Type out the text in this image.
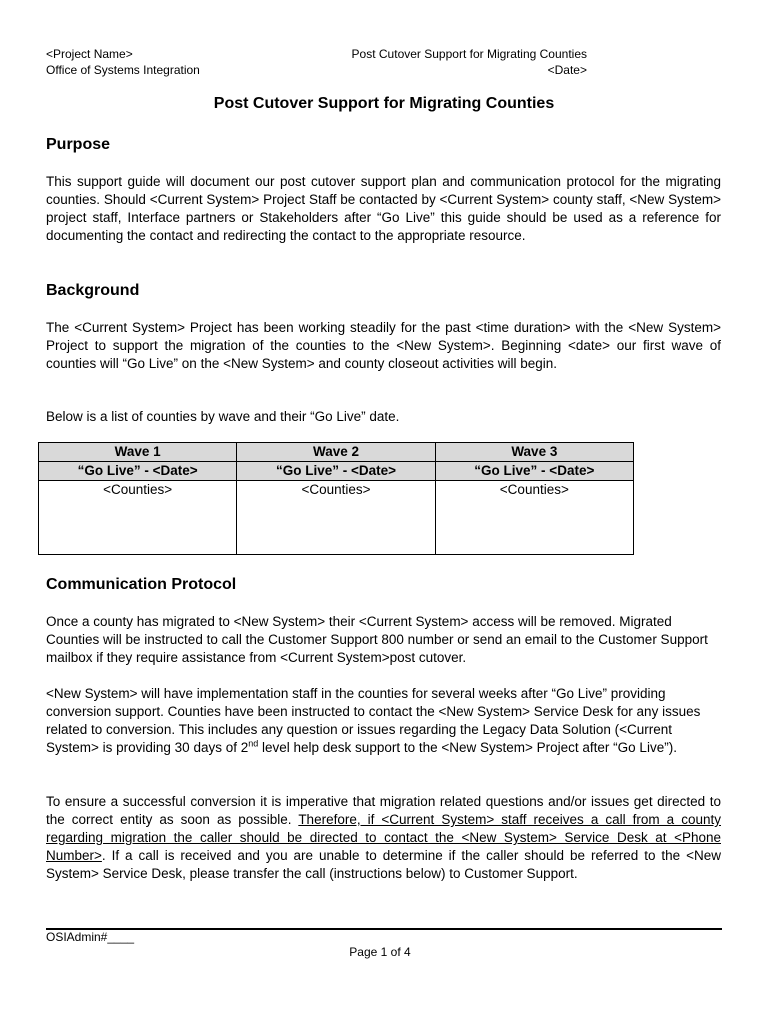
<Project Name>
Office of Systems Integration
Post Cutover Support for Migrating Counties
<Date>
Post Cutover Support for Migrating Counties
Purpose

This support guide will document our post cutover support plan and communication protocol for the migrating counties. Should <Current System> Project Staff be contacted by <Current System> county staff, <New System> project staff, Interface partners or Stakeholders after “Go Live” this guide should be used as a reference for documenting the contact and redirecting the contact to the appropriate resource.

Background

The <Current System> Project has been working steadily for the past <time duration> with the <New System> Project to support the migration of the counties to the <New System>. Beginning <date> our first wave of counties will “Go Live” on the <New System> and county closeout activities will begin.

Below is a list of counties by wave and their “Go Live” date.

Wave 1	Wave 2	Wave 3
“Go Live” - <Date>	“Go Live” - <Date>	“Go Live” - <Date>
<Counties>	<Counties>	<Counties>
Communication Protocol

Once a county has migrated to <New System> their <Current System> access will be removed. Migrated Counties will be instructed to call the Customer Support 800 number or send an email to the Customer Support mailbox if they require assistance from <Current System>post cutover.

<New System> will have implementation staff in the counties for several weeks after “Go Live” providing conversion support. Counties have been instructed to contact the <New System> Service Desk for any issues related to conversion. This includes any question or issues regarding the Legacy Data Solution (<Current System> is providing 30 days of 2nd level help desk support to the <New System> Project after “Go Live”).

To ensure a successful conversion it is imperative that migration related questions and/or issues get directed to the correct entity as soon as possible. Therefore, if <Current System> staff receives a call from a county regarding migration the caller should be directed to contact the <New System> Service Desk at <Phone Number>. If a call is received and you are unable to determine if the caller should be referred to the <New System> Service Desk, please transfer the call (instructions below) to Customer Support.

OSIAdmin#____
Page 1 of 4
